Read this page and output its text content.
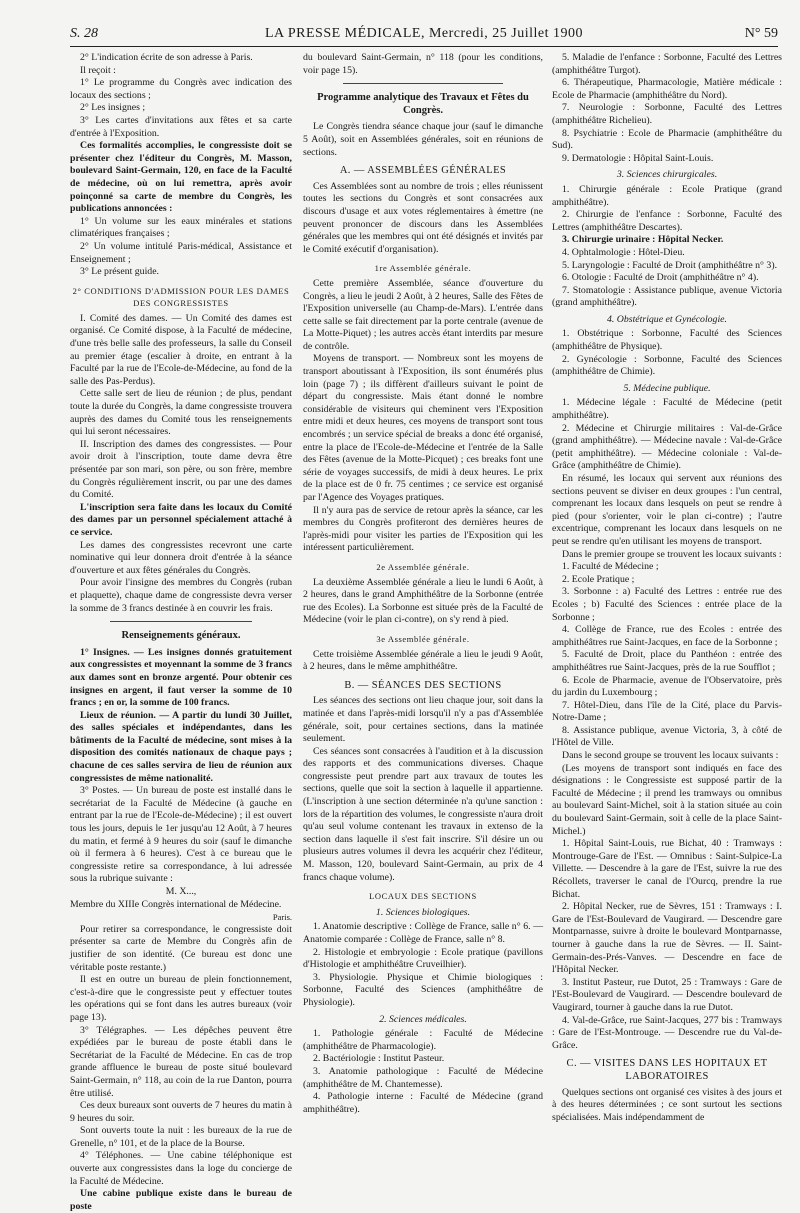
S. 28	LA PRESSE MÉDICALE, Mercredi, 25 Juillet 1900	N° 59

2° L'indication écrite de son adresse à Paris.

Il reçoit :

1° Le programme du Congrès avec indication des locaux des sections ;

2° Les insignes ;

3° Les cartes d'invitations aux fêtes et sa carte d'entrée à l'Exposition.

Ces formalités accomplies, le congressiste doit se présenter chez l'éditeur du Congrès, M. Masson, boulevard Saint-Germain, 120, en face de la Faculté de médecine, où on lui remettra, après avoir poinçonné sa carte de membre du Congrès, les publications annoncées :

1° Un volume sur les eaux minérales et stations climatériques françaises ;

2° Un volume intitulé Paris-médical, Assistance et Enseignement ;

3° Le présent guide.

2° CONDITIONS D'ADMISSION POUR LES DAMES DES CONGRESSISTES

I. Comité des dames. — Un Comité des dames est organisé. Ce Comité dispose, à la Faculté de médecine, d'une très belle salle des professeurs, la salle du Conseil au premier étage (escalier à droite, en entrant à la Faculté par la rue de l'Ecole-de-Médecine, au fond de la salle des Pas-Perdus).

Cette salle sert de lieu de réunion ; de plus, pendant toute la durée du Congrès, la dame congressiste trouvera auprès des dames du Comité tous les renseignements qui lui seront nécessaires.

II. Inscription des dames des congressistes. — Pour avoir droit à l'inscription, toute dame devra être présentée par son mari, son père, ou son frère, membre du Congrès régulièrement inscrit, ou par une des dames du Comité.

L'inscription sera faite dans les locaux du Comité des dames par un personnel spécialement attaché à ce service.

Les dames des congressistes recevront une carte nominative qui leur donnera droit d'entrée à la séance d'ouverture et aux fêtes générales du Congrès.

Pour avoir l'insigne des membres du Congrès (ruban et plaquette), chaque dame de congressiste devra verser la somme de 3 francs destinée à en couvrir les frais.

Renseignements généraux.

1° Insignes. — Les insignes donnés gratuitement aux congressistes et moyennant la somme de 3 francs aux dames sont en bronze argenté. Pour obtenir ces insignes en argent, il faut verser la somme de 10 francs ; en or, la somme de 100 francs.

Lieux de réunion. — A partir du lundi 30 Juillet, des salles spéciales et indépendantes, dans les bâtiments de la Faculté de médecine, sont mises à la disposition des comités nationaux de chaque pays ; chacune de ces salles servira de lieu de réunion aux congressistes de même nationalité.

3° Postes. — Un bureau de poste est installé dans le secrétariat de la Faculté de Médecine (à gauche en entrant par la rue de l'Ecole-de-Médecine) ; il est ouvert tous les jours, depuis le 1er jusqu'au 12 Août, à 7 heures du matin, et fermé à 9 heures du soir (sauf le dimanche où il fermera à 6 heures). C'est à ce bureau que le congressiste retire sa correspondance, à lui adressée sous la rubrique suivante :

M. X...,

Membre du XIIIe Congrès international de Médecine.

Paris.

Pour retirer sa correspondance, le congressiste doit présenter sa carte de Membre du Congrès afin de justifier de son identité. (Ce bureau est donc une véritable poste restante.)

Il est en outre un bureau de plein fonctionnement, c'est-à-dire que le congressiste peut y effectuer toutes les opérations qui se font dans les autres bureaux (voir page 13).

3° Télégraphes. — Les dépêches peuvent être expédiées par le bureau de poste établi dans le Secrétariat de la Faculté de Médecine. En cas de trop grande affluence le bureau de poste situé boulevard Saint-Germain, n° 118, au coin de la rue Danton, pourra être utilisé.

Ces deux bureaux sont ouverts de 7 heures du matin à 9 heures du soir.

Sont ouverts toute la nuit : les bureaux de la rue de Grenelle, n° 101, et de la place de la Bourse.

4° Téléphones. — Une cabine téléphonique est ouverte aux congressistes dans la loge du concierge de la Faculté de Médecine.

Une cabine publique existe dans le bureau de poste

du boulevard Saint-Germain, n° 118 (pour les conditions, voir page 15).

Programme analytique des Travaux et Fêtes du Congrès.

Le Congrès tiendra séance chaque jour (sauf le dimanche 5 Août), soit en Assemblées générales, soit en réunions de sections.

A. — ASSEMBLÉES GÉNÉRALES

Ces Assemblées sont au nombre de trois ; elles réunissent toutes les sections du Congrès et sont consacrées aux discours d'usage et aux votes réglementaires à émettre (ne peuvent prononcer de discours dans les Assemblées générales que les membres qui ont été désignés et invités par le Comité exécutif d'organisation).

1re Assemblée générale.

Cette première Assemblée, séance d'ouverture du Congrès, a lieu le jeudi 2 Août, à 2 heures, Salle des Fêtes de l'Exposition universelle (au Champ-de-Mars). L'entrée dans cette salle se fait directement par la porte centrale (avenue de La Motte-Piquet) ; les autres accès étant interdits par mesure de contrôle.

Moyens de transport. — Nombreux sont les moyens de transport aboutissant à l'Exposition, ils sont énumérés plus loin (page 7) ; ils diffèrent d'ailleurs suivant le point de départ du congressiste. Mais étant donné le nombre considérable de visiteurs qui cheminent vers l'Exposition entre midi et deux heures, ces moyens de transport sont tous encombrés ; un service spécial de breaks a donc été organisé, entre la place de l'Ecole-de-Médecine et l'entrée de la Salle des Fêtes (avenue de la Motte-Picquet) ; ces breaks font une série de voyages successifs, de midi à deux heures. Le prix de la place est de 0 fr. 75 centimes ; ce service est organisé par l'Agence des Voyages pratiques.

Il n'y aura pas de service de retour après la séance, car les membres du Congrès profiteront des dernières heures de l'après-midi pour visiter les parties de l'Exposition qui les intéressent particulièrement.

2e Assemblée générale.

La deuxième Assemblée générale a lieu le lundi 6 Août, à 2 heures, dans le grand Amphithéâtre de la Sorbonne (entrée rue des Ecoles). La Sorbonne est située près de la Faculté de Médecine (voir le plan ci-contre), on s'y rend à pied.

3e Assemblée générale.

Cette troisième Assemblée générale a lieu le jeudi 9 Août, à 2 heures, dans le même amphithéâtre.

B. — SÉANCES DES SECTIONS

Les séances des sections ont lieu chaque jour, soit dans la matinée et dans l'après-midi lorsqu'il n'y a pas d'Assemblée générale, soit, pour certaines sections, dans la matinée seulement.

Ces séances sont consacrées à l'audition et à la discussion des rapports et des communications diverses. Chaque congressiste peut prendre part aux travaux de toutes les sections, quelle que soit la section à laquelle il appartienne. (L'inscription à une section déterminée n'a qu'une sanction : lors de la répartition des volumes, le congressiste n'aura droit qu'au seul volume contenant les travaux in extenso de la section dans laquelle il s'est fait inscrire. S'il désire un ou plusieurs autres volumes il devra les acquérir chez l'éditeur, M. Masson, 120, boulevard Saint-Germain, au prix de 4 francs chaque volume).

LOCAUX DES SECTIONS
1. Sciences biologiques.

1. Anatomie descriptive : Collège de France, salle n° 6. — Anatomie comparée : Collège de France, salle n° 8.

2. Histologie et embryologie : Ecole pratique (pavillons d'Histologie et amphithéâtre Cruveilhier).

3. Physiologie. Physique et Chimie biologiques : Sorbonne, Faculté des Sciences (amphithéâtre de Physiologie).

2. Sciences médicales.

1. Pathologie générale : Faculté de Médecine (amphithéâtre de Pharmacologie).

2. Bactériologie : Institut Pasteur.

3. Anatomie pathologique : Faculté de Médecine (amphithéâtre de M. Chantemesse).

4. Pathologie interne : Faculté de Médecine (grand amphithéâtre).

5. Maladie de l'enfance : Sorbonne, Faculté des Lettres (amphithéâtre Turgot).

6. Thérapeutique, Pharmacologie, Matière médicale : Ecole de Pharmacie (amphithéâtre du Nord).

7. Neurologie : Sorbonne, Faculté des Lettres (amphithéâtre Richelieu).

8. Psychiatrie : Ecole de Pharmacie (amphithéâtre du Sud).

9. Dermatologie : Hôpital Saint-Louis.

3. Sciences chirurgicales.

1. Chirurgie générale : Ecole Pratique (grand amphithéâtre).

2. Chirurgie de l'enfance : Sorbonne, Faculté des Lettres (amphithéâtre Descartes).

3. Chirurgie urinaire : Hôpital Necker.

4. Ophtalmologie : Hôtel-Dieu.

5. Laryngologie : Faculté de Droit (amphithéâtre n° 3).

6. Otologie : Faculté de Droit (amphithéâtre n° 4).

7. Stomatologie : Assistance publique, avenue Victoria (grand amphithéâtre).

4. Obstétrique et Gynécologie.

1. Obstétrique : Sorbonne, Faculté des Sciences (amphithéâtre de Physique).

2. Gynécologie : Sorbonne, Faculté des Sciences (amphithéâtre de Chimie).

5. Médecine publique.

1. Médecine légale : Faculté de Médecine (petit amphithéâtre).

2. Médecine et Chirurgie militaires : Val-de-Grâce (grand amphithéâtre). — Médecine navale : Val-de-Grâce (petit amphithéâtre). — Médecine coloniale : Val-de-Grâce (amphithéâtre de Chimie).

En résumé, les locaux qui servent aux réunions des sections peuvent se diviser en deux groupes : l'un central, comprenant les locaux dans lesquels on peut se rendre à pied (pour s'orienter, voir le plan ci-contre) ; l'autre excentrique, comprenant les locaux dans lesquels on ne peut se rendre qu'en utilisant les moyens de transport.

Dans le premier groupe se trouvent les locaux suivants :

1. Faculté de Médecine ;

2. Ecole Pratique ;

3. Sorbonne : a) Faculté des Lettres : entrée rue des Ecoles ; b) Faculté des Sciences : entrée place de la Sorbonne ;

4. Collège de France, rue des Ecoles : entrée des amphithéâtres rue Saint-Jacques, en face de la Sorbonne ;

5. Faculté de Droit, place du Panthéon : entrée des amphithéâtres rue Saint-Jacques, près de la rue Soufflot ;

6. Ecole de Pharmacie, avenue de l'Observatoire, près du jardin du Luxembourg ;

7. Hôtel-Dieu, dans l'île de la Cité, place du Parvis-Notre-Dame ;

8. Assistance publique, avenue Victoria, 3, à côté de l'Hôtel de Ville.

Dans le second groupe se trouvent les locaux suivants :

(Les moyens de transport sont indiqués en face des désignations : le Congressiste est supposé partir de la Faculté de Médecine ; il prend les tramways ou omnibus au boulevard Saint-Michel, soit à la station située au coin du boulevard Saint-Germain, soit à celle de la place Saint-Michel.)

1. Hôpital Saint-Louis, rue Bichat, 40 : Tramways : Montrouge-Gare de l'Est. — Omnibus : Saint-Sulpice-La Villette. — Descendre à la gare de l'Est, suivre la rue des Récollets, traverser le canal de l'Ourcq, prendre la rue Bichat.

2. Hôpital Necker, rue de Sèvres, 151 : Tramways : I. Gare de l'Est-Boulevard de Vaugirard. — Descendre gare Montparnasse, suivre à droite le boulevard Montparnasse, tourner à gauche dans la rue de Sèvres. — II. Saint-Germain-des-Prés-Vanves. — Descendre en face de l'Hôpital Necker.

3. Institut Pasteur, rue Dutot, 25 : Tramways : Gare de l'Est-Boulevard de Vaugirard. — Descendre boulevard de Vaugirard, tourner à gauche dans la rue Dutot.

4. Val-de-Grâce, rue Saint-Jacques, 277 bis : Tramways : Gare de l'Est-Montrouge. — Descendre rue du Val-de-Grâce.

C. — VISITES DANS LES HOPITAUX ET LABORATOIRES

Quelques sections ont organisé ces visites à des jours et à des heures déterminées ; ce sont surtout les sections spécialisées. Mais indépendamment de
